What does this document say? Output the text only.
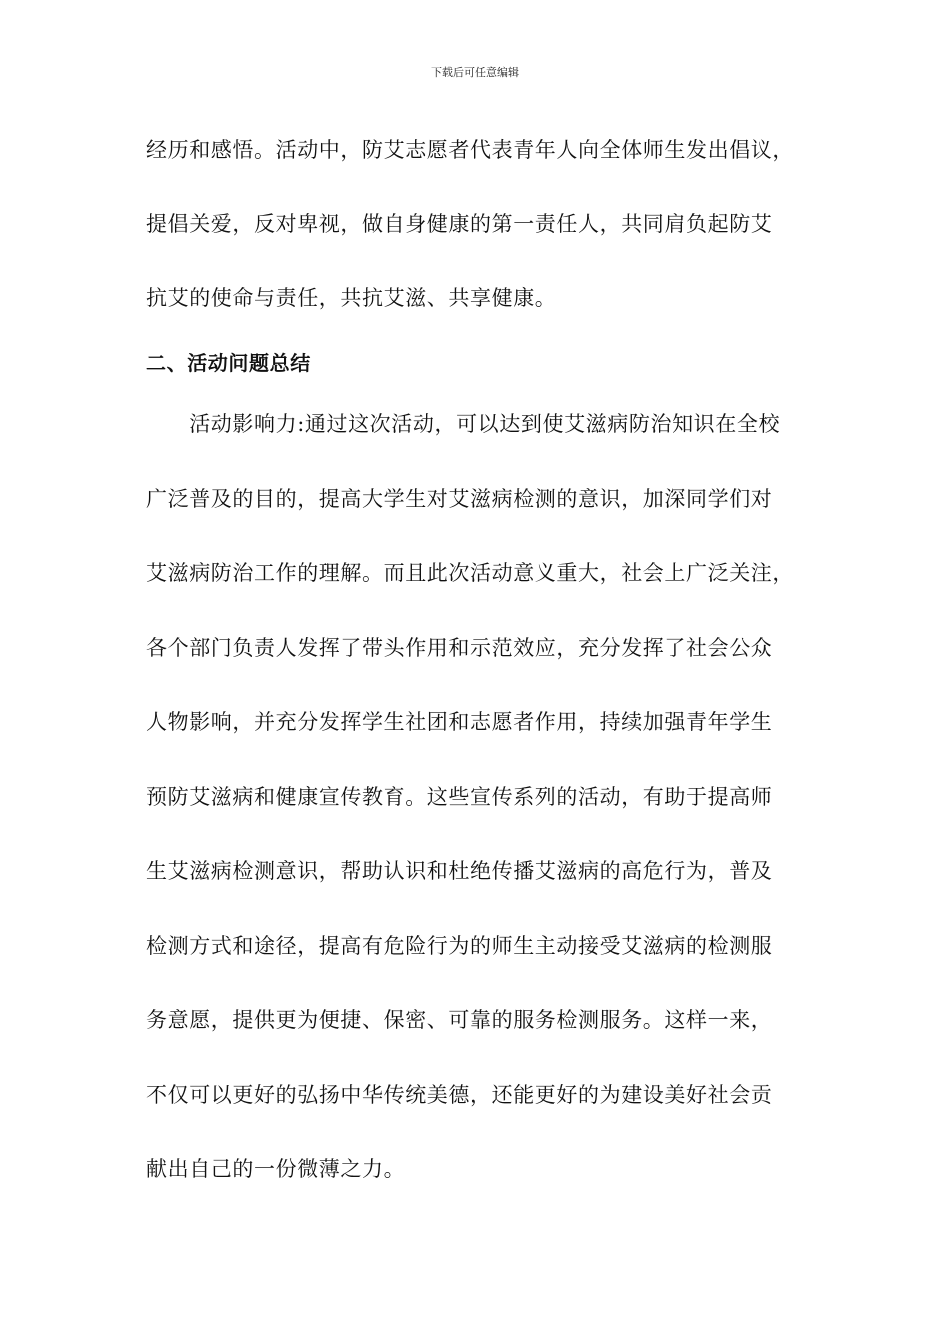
下载后可任意编辑
经历和感悟。活动中，防艾志愿者代表青年人向全体师生发出倡议，
提倡关爱，反对卑视，做自身健康的第一责任人，共同肩负起防艾
抗艾的使命与责任，共抗艾滋、共享健康。
二、活动问题总结
　　活动影响力:通过这次活动，可以达到使艾滋病防治知识在全校
广泛普及的目的，提高大学生对艾滋病检测的意识，加深同学们对
艾滋病防治工作的理解。而且此次活动意义重大，社会上广泛关注，
各个部门负责人发挥了带头作用和示范效应，充分发挥了社会公众
人物影响，并充分发挥学生社团和志愿者作用，持续加强青年学生
预防艾滋病和健康宣传教育。这些宣传系列的活动，有助于提高师
生艾滋病检测意识，帮助认识和杜绝传播艾滋病的高危行为，普及
检测方式和途径，提高有危险行为的师生主动接受艾滋病的检测服
务意愿，提供更为便捷、保密、可靠的服务检测服务。这样一来，
不仅可以更好的弘扬中华传统美德，还能更好的为建设美好社会贡
献出自己的一份微薄之力。
